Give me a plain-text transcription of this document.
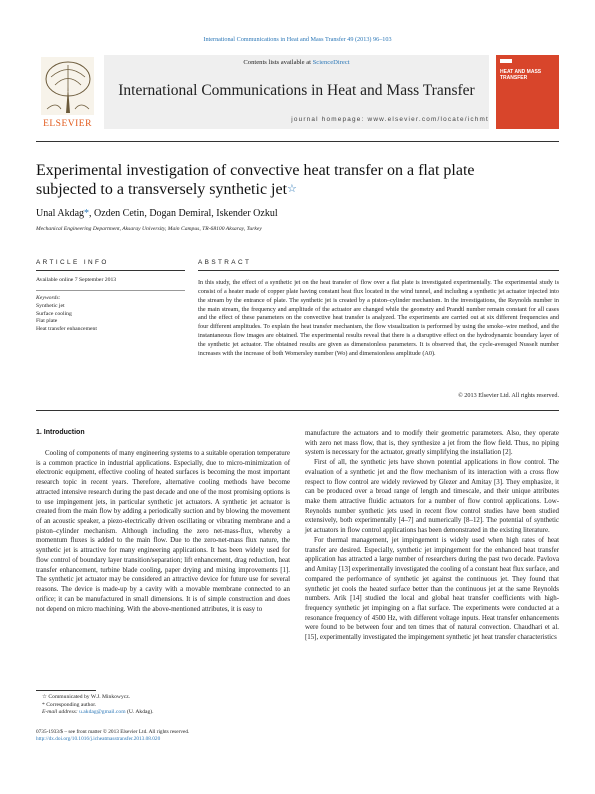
International Communications in Heat and Mass Transfer 49 (2013) 96–103
ELSEVIER
Contents lists available at ScienceDirect
International Communications in Heat and Mass Transfer
journal homepage: www.elsevier.com/locate/ichmt
HEAT AND MASS TRANSFER
Experimental investigation of convective heat transfer on a flat plate subjected to a transversely synthetic jet☆
Unal Akdag*, Ozden Cetin, Dogan Demiral, Iskender Ozkul
Mechanical Engineering Department, Aksaray University, Main Campus, TR-68100 Aksaray, Turkey
ARTICLE INFO
Available online 7 September 2013
Keywords:
Synthetic jet
Surface cooling
Flat plate
Heat transfer enhancement
ABSTRACT
In this study, the effect of a synthetic jet on the heat transfer of flow over a flat plate is investigated experimentally. The experimental study is consist of a heater made of copper plate having constant heat flux located in the wind tunnel, and including a synthetic jet actuator injected into the stream by the entrance of plate. The synthetic jet is created by a piston–cylinder mechanism. In the investigations, the Reynolds number in the main stream, the frequency and amplitude of the actuator are changed while the geometry and Prandtl number remain constant for all cases and the effect of these parameters on the convective heat transfer is analyzed. The experiments are carried out at six different frequencies and four different amplitudes. To explain the heat transfer mechanism, the flow visualization is performed by using the smoke–wire method, and the instantaneous flow images are obtained. The experimental results reveal that there is a disruptive effect on the hydrodynamic boundary layer of the synthetic jet actuator. The obtained results are given as dimensionless parameters. It is observed that, the cycle-averaged Nusselt number increases with the increase of both Womersley number (Wo) and dimensionless amplitude (A0).
© 2013 Elsevier Ltd. All rights reserved.
1. Introduction

Cooling of components of many engineering systems to a suitable operation temperature is a common practice in industrial applications. Especially, due to micro-minimization of electronic equipment, effective cooling of heated surfaces is becoming the most important research topic in recent years. Therefore, alternative cooling methods have become attracted intensive research during the past decade and one of the most promising options is to use impingement jets, in particular synthetic jet actuators. A synthetic jet actuator is created from the main flow by adding a periodically suction and by blowing the movement of an acoustic speaker, a piezo-electrically driven oscillating or vibrating membrane and a piston–cylinder mechanism. Although including the zero net-mass-flux, whereby a momentum fluxes is added to the main flow. Due to the zero-net-mass flux nature, the synthetic jet is attractive for many engineering applications. It has been widely used for flow control of boundary layer transition/separation; lift enhancement, drag reduction, heat transfer enhancement, turbine blade cooling, paper drying and mixing improvements [1]. The synthetic jet actuator may be considered an attractive device for future use for several reasons. The device is made-up by a cavity with a movable membrane connected to an orifice; it can be manufactured in small dimensions. It is of simple construction and does not depend on micro machining. With the above-mentioned attributes, it is easy to

manufacture the actuators and to modify their geometric parameters. Also, they operate with zero net mass flow, that is, they synthesize a jet from the flow field. Thus, no piping system is necessary for the actuator, greatly simplifying the installation [2].

First of all, the synthetic jets have shown potential applications in flow control. The evaluation of a synthetic jet and the flow mechanism of its interaction with a cross flow respect to flow control are widely reviewed by Glezer and Amitay [3]. They emphasize, it can be produced over a broad range of length and timescale, and their unique attributes make them attractive fluidic actuators for a number of flow control applications. Low-Reynolds number synthetic jets used in recent flow control studies have been studied extensively, both experimentally [4–7] and numerically [8–12]. The potential of synthetic jet actuators in flow control applications has been demonstrated in the existing literature.

For thermal management, jet impingement is widely used when high rates of heat transfer are desired. Especially, synthetic jet impingement for the enhanced heat transfer application has attracted a large number of researchers during the past two decade. Pavlova and Amitay [13] experimentally investigated the cooling of a constant heat flux surface, and compared the performance of synthetic jet against the continuous jet. They found that synthetic jet cools the heated surface better than the continuous jet at the same Reynolds numbers. Arik [14] studied the local and global heat transfer coefficients with high-frequency synthetic jet impinging on a flat surface. The experiments were conducted at a resonance frequency of 4500 Hz, with different voltage inputs. Heat transfer enhancements were found to be between four and ten times that of natural convection. Chaudhari et al. [15], experimentally investigated the impingement synthetic jet heat transfer characteristics

☆ Communicated by W.J. Minkowycz.
* Corresponding author.
E-mail address: u.akdag@gmail.com (U. Akdag).
0735-1933/$ – see front matter © 2013 Elsevier Ltd. All rights reserved.
http://dx.doi.org/10.1016/j.icheatmasstransfer.2013.08.020
